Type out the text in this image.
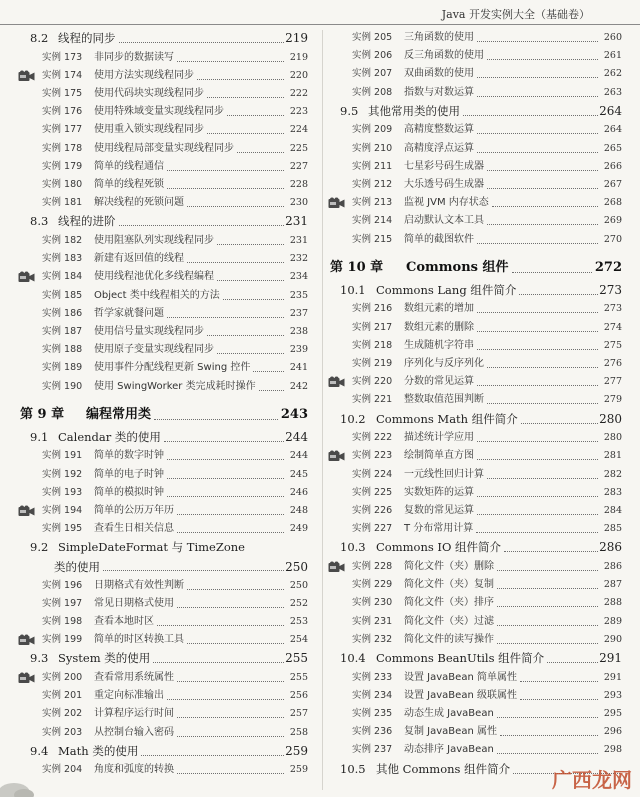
Java 开发实例大全（基础卷）
8.2 线程的同步	219
实例 173 非同步的数据读写	219
实例 174 使用方法实现线程同步	220
实例 175 使用代码块实现线程同步	222
实例 176 使用特殊域变量实现线程同步	223
实例 177 使用重入锁实现线程同步	224
实例 178 使用线程局部变量实现线程同步	225
实例 179 简单的线程通信	227
实例 180 简单的线程死锁	228
实例 181 解决线程的死锁问题	230
8.3 线程的进阶	231
实例 182 使用阻塞队列实现线程同步	231
实例 183 新建有返回值的线程	232
实例 184 使用线程池优化多线程编程	234
实例 185 Object 类中线程相关的方法	235
实例 186 哲学家就餐问题	237
实例 187 使用信号量实现线程同步	238
实例 188 使用原子变量实现线程同步	239
实例 189 使用事件分配线程更新 Swing 控件	241
实例 190 使用 SwingWorker 类完成耗时操作	242
第 9 章 编程常用类	243
9.1 Calendar 类的使用	244
实例 191 简单的数字时钟	244
实例 192 简单的电子时钟	245
实例 193 简单的模拟时钟	246
实例 194 简单的公历万年历	248
实例 195 查看生日相关信息	249
9.2 SimpleDateFormat 与 TimeZone
类的使用	250
实例 196 日期格式有效性判断	250
实例 197 常见日期格式使用	252
实例 198 查看本地时区	253
实例 199 简单的时区转换工具	254
9.3 System 类的使用	255
实例 200 查看常用系统属性	255
实例 201 重定向标准输出	256
实例 202 计算程序运行时间	257
实例 203 从控制台输入密码	258
9.4 Math 类的使用	259
实例 204 角度和弧度的转换	259
实例 205 三角函数的使用	260
实例 206 反三角函数的使用	261
实例 207 双曲函数的使用	262
实例 208 指数与对数运算	263
9.5 其他常用类的使用	264
实例 209 高精度整数运算	264
实例 210 高精度浮点运算	265
实例 211 七星彩号码生成器	266
实例 212 大乐透号码生成器	267
实例 213 监视 JVM 内存状态	268
实例 214 启动默认文本工具	269
实例 215 简单的截图软件	270
第 10 章 Commons 组件	272
10.1 Commons Lang 组件简介	273
实例 216 数组元素的增加	273
实例 217 数组元素的删除	274
实例 218 生成随机字符串	275
实例 219 序列化与反序列化	276
实例 220 分数的常见运算	277
实例 221 整数取值范围判断	279
10.2 Commons Math 组件简介	280
实例 222 描述统计学应用	280
实例 223 绘制简单直方图	281
实例 224 一元线性回归计算	282
实例 225 实数矩阵的运算	283
实例 226 复数的常见运算	284
实例 227 T 分布常用计算	285
10.3 Commons IO 组件简介	286
实例 228 简化文件（夹）删除	286
实例 229 简化文件（夹）复制	287
实例 230 简化文件（夹）排序	288
实例 231 简化文件（夹）过滤	289
实例 232 简化文件的读写操作	290
10.4 Commons BeanUtils 组件简介	291
实例 233 设置 JavaBean 简单属性	291
实例 234 设置 JavaBean 级联属性	293
实例 235 动态生成 JavaBean	295
实例 236 复制 JavaBean 属性	296
实例 237 动态排序 JavaBean	298
10.5 其他 Commons 组件简介 广西龙网
